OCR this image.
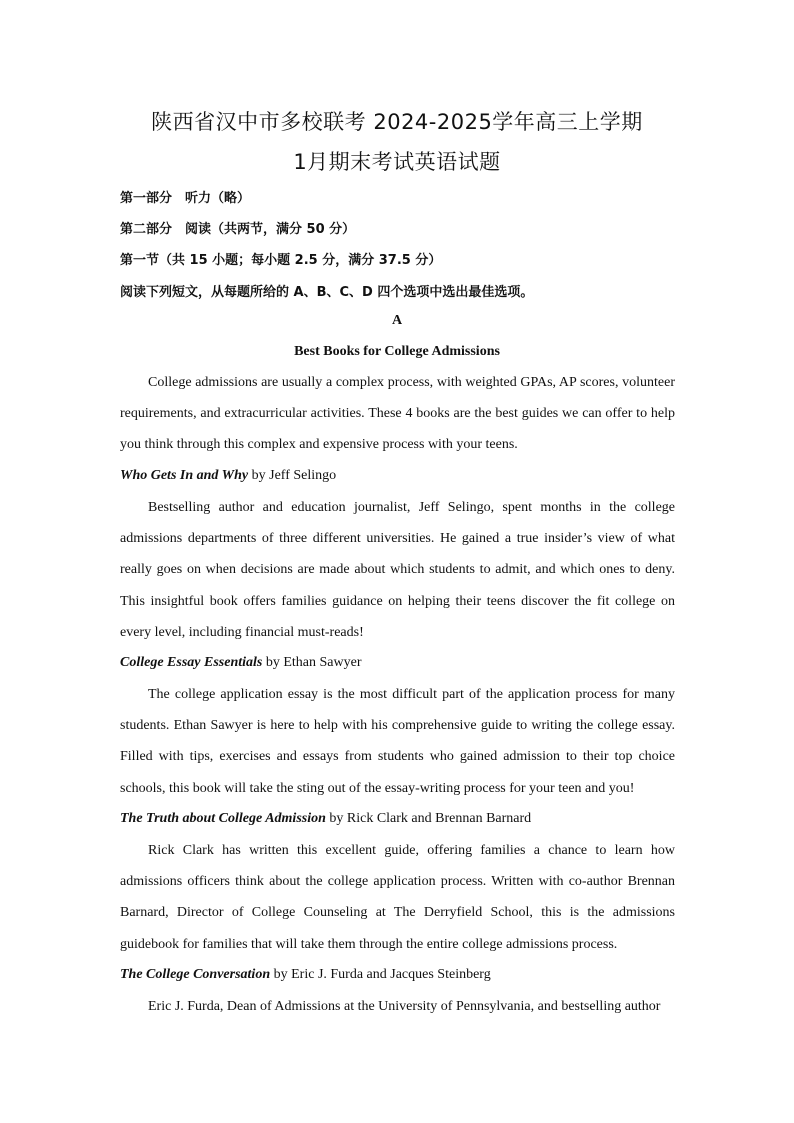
陕西省汉中市多校联考 2024-2025学年高三上学期
1月期末考试英语试题
第一部分　听力（略）
第二部分　阅读（共两节，满分 50 分）
第一节（共 15 小题；每小题 2.5 分，满分 37.5 分）
阅读下列短文，从每题所给的 A、B、C、D 四个选项中选出最佳选项。
A
Best Books for College Admissions
College admissions are usually a complex process, with weighted GPAs, AP scores, volunteer requirements, and extracurricular activities. These 4 books are the best guides we can offer to help you think through this complex and expensive process with your teens.
Who Gets In and Why by Jeff Selingo
Bestselling author and education journalist, Jeff Selingo, spent months in the college admissions departments of three different universities. He gained a true insider’s view of what really goes on when decisions are made about which students to admit, and which ones to deny. This insightful book offers families guidance on helping their teens discover the fit college on every level, including financial must-reads!
College Essay Essentials by Ethan Sawyer
The college application essay is the most difficult part of the application process for many students. Ethan Sawyer is here to help with his comprehensive guide to writing the college essay. Filled with tips, exercises and essays from students who gained admission to their top choice schools, this book will take the sting out of the essay-writing process for your teen and you!
The Truth about College Admission by Rick Clark and Brennan Barnard
Rick Clark has written this excellent guide, offering families a chance to learn how admissions officers think about the college application process. Written with co-author Brennan Barnard, Director of College Counseling at The Derryfield School, this is the admissions guidebook for families that will take them through the entire college admissions process.
The College Conversation by Eric J. Furda and Jacques Steinberg
Eric J. Furda, Dean of Admissions at the University of Pennsylvania, and bestselling author
